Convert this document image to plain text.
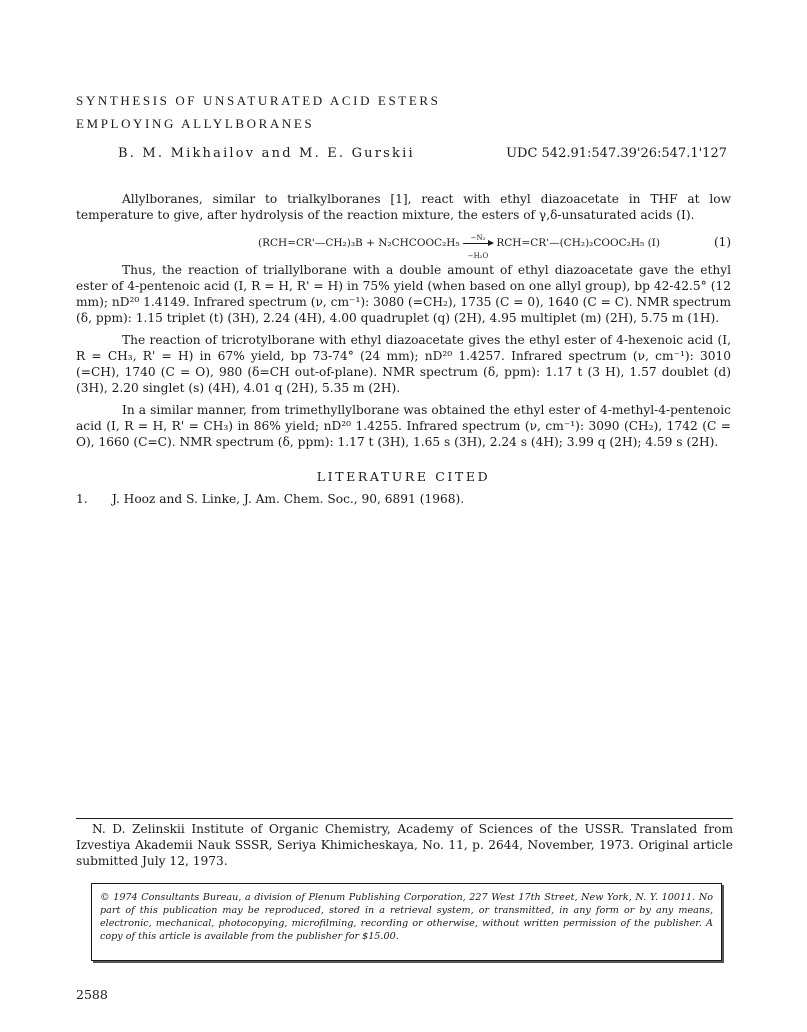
SYNTHESIS OF UNSATURATED ACID ESTERS
EMPLOYING ALLYLBORANES
B. M. Mikhailov and M. E. Gurskii	UDC 542.91:547.39'26:547.1'127

Allylboranes, similar to trialkylboranes [1], react with ethyl diazoacetate in THF at low temperature to give, after hydrolysis of the reaction mixture, the esters of γ,δ-unsaturated acids (I).

(RCH=CR'—CH₂)₃B + N₂CHCOOC₂H₅ $\frac{\text{−N₂}}{\text{−H₂O}}$ RCH=CR'—(CH₂)₂COOC₂H₅ (I)	(1)

Thus, the reaction of triallylborane with a double amount of ethyl diazoacetate gave the ethyl ester of 4-pentenoic acid (I, R = H, R' = H) in 75% yield (when based on one allyl group), bp 42-42.5° (12 mm); nD²⁰ 1.4149. Infrared spectrum (ν, cm⁻¹): 3080 (=CH₂), 1735 (C = 0), 1640 (C = C). NMR spectrum (δ, ppm): 1.15 triplet (t) (3H), 2.24 (4H), 4.00 quadruplet (q) (2H), 4.95 multiplet (m) (2H), 5.75 m (1H).

The reaction of tricrotylborane with ethyl diazoacetate gives the ethyl ester of 4-hexenoic acid (I, R = CH₃, R' = H) in 67% yield, bp 73-74° (24 mm); nD²⁰ 1.4257. Infrared spectrum (ν, cm⁻¹): 3010 (=CH), 1740 (C = O), 980 (δ=CH out-of-plane). NMR spectrum (δ, ppm): 1.17 t (3 H), 1.57 doublet (d) (3H), 2.20 singlet (s) (4H), 4.01 q (2H), 5.35 m (2H).

In a similar manner, from trimethyllylborane was obtained the ethyl ester of 4-methyl-4-pentenoic acid (I, R = H, R' = CH₃) in 86% yield; nD²⁰ 1.4255. Infrared spectrum (ν, cm⁻¹): 3090 (CH₂), 1742 (C = O), 1660 (C=C). NMR spectrum (δ, ppm): 1.17 t (3H), 1.65 s (3H), 2.24 s (4H); 3.99 q (2H); 4.59 s (2H).

LITERATURE CITED
1. J. Hooz and S. Linke, J. Am. Chem. Soc., 90, 6891 (1968).

N. D. Zelinskii Institute of Organic Chemistry, Academy of Sciences of the USSR. Translated from Izvestiya Akademii Nauk SSSR, Seriya Khimicheskaya, No. 11, p. 2644, November, 1973. Original article submitted July 12, 1973.

© 1974 Consultants Bureau, a division of Plenum Publishing Corporation, 227 West 17th Street, New York, N. Y. 10011. No part of this publication may be reproduced, stored in a retrieval system, or transmitted, in any form or by any means, electronic, mechanical, photocopying, microfilming, recording or otherwise, without written permission of the publisher. A copy of this article is available from the publisher for $15.00.
2588
